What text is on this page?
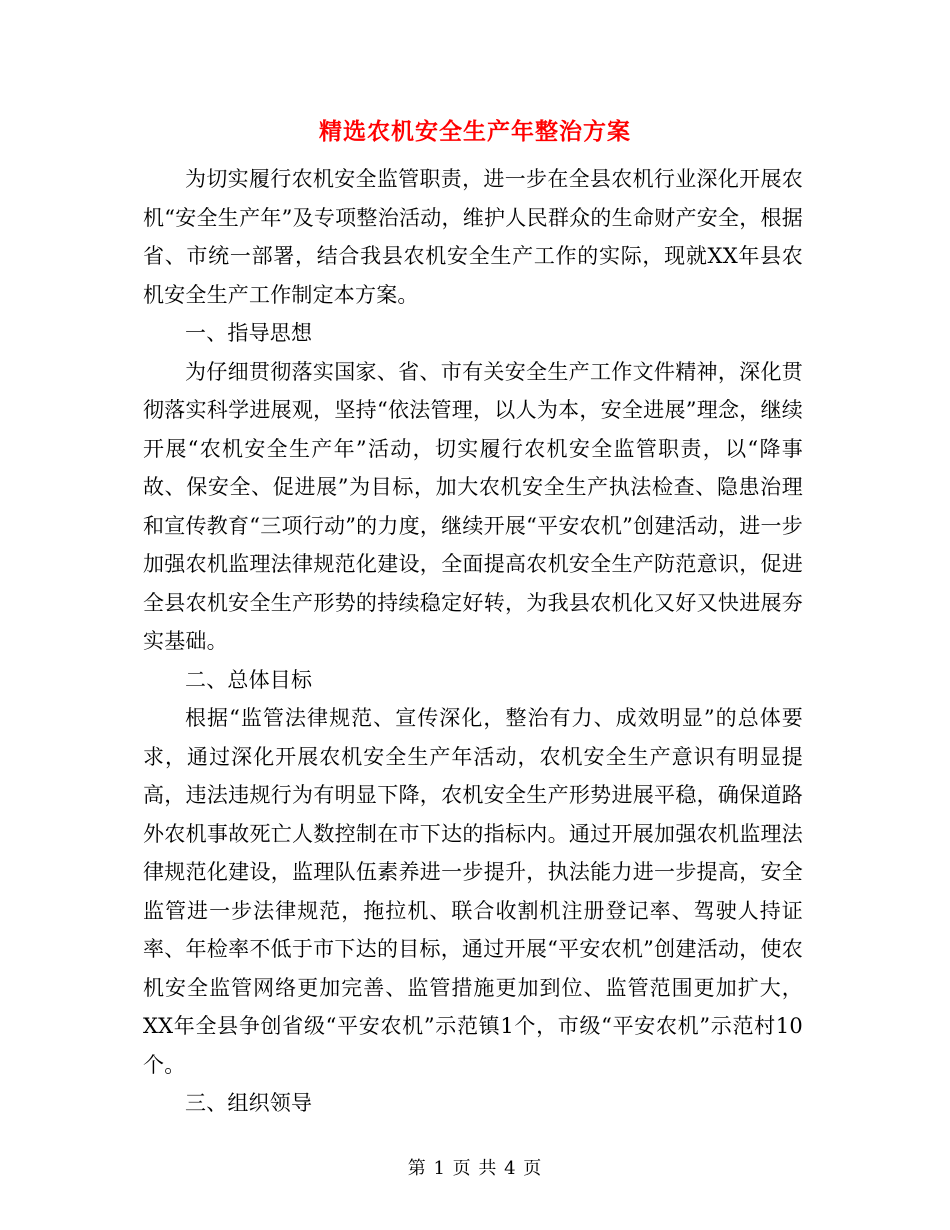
精选农机安全生产年整治方案

为切实履行农机安全监管职责，进一步在全县农机行业深化开展农机“安全生产年”及专项整治活动，维护人民群众的生命财产安全，根据省、市统一部署，结合我县农机安全生产工作的实际，现就XX年县农机安全生产工作制定本方案。

一、指导思想

为仔细贯彻落实国家、省、市有关安全生产工作文件精神，深化贯彻落实科学进展观，坚持“依法管理，以人为本，安全进展”理念，继续开展“农机安全生产年”活动，切实履行农机安全监管职责，以“降事故、保安全、促进展”为目标，加大农机安全生产执法检查、隐患治理和宣传教育“三项行动”的力度，继续开展“平安农机”创建活动，进一步加强农机监理法律规范化建设，全面提高农机安全生产防范意识，促进全县农机安全生产形势的持续稳定好转，为我县农机化又好又快进展夯实基础。

二、总体目标

根据“监管法律规范、宣传深化，整治有力、成效明显”的总体要求，通过深化开展农机安全生产年活动，农机安全生产意识有明显提高，违法违规行为有明显下降，农机安全生产形势进展平稳，确保道路外农机事故死亡人数控制在市下达的指标内。通过开展加强农机监理法律规范化建设，监理队伍素养进一步提升，执法能力进一步提高，安全监管进一步法律规范，拖拉机、联合收割机注册登记率、驾驶人持证率、年检率不低于市下达的目标，通过开展“平安农机”创建活动，使农机安全监管网络更加完善、监管措施更加到位、监管范围更加扩大，XX年全县争创省级“平安农机”示范镇1个，市级“平安农机”示范村10个。

三、组织领导

第 1 页 共 4 页
